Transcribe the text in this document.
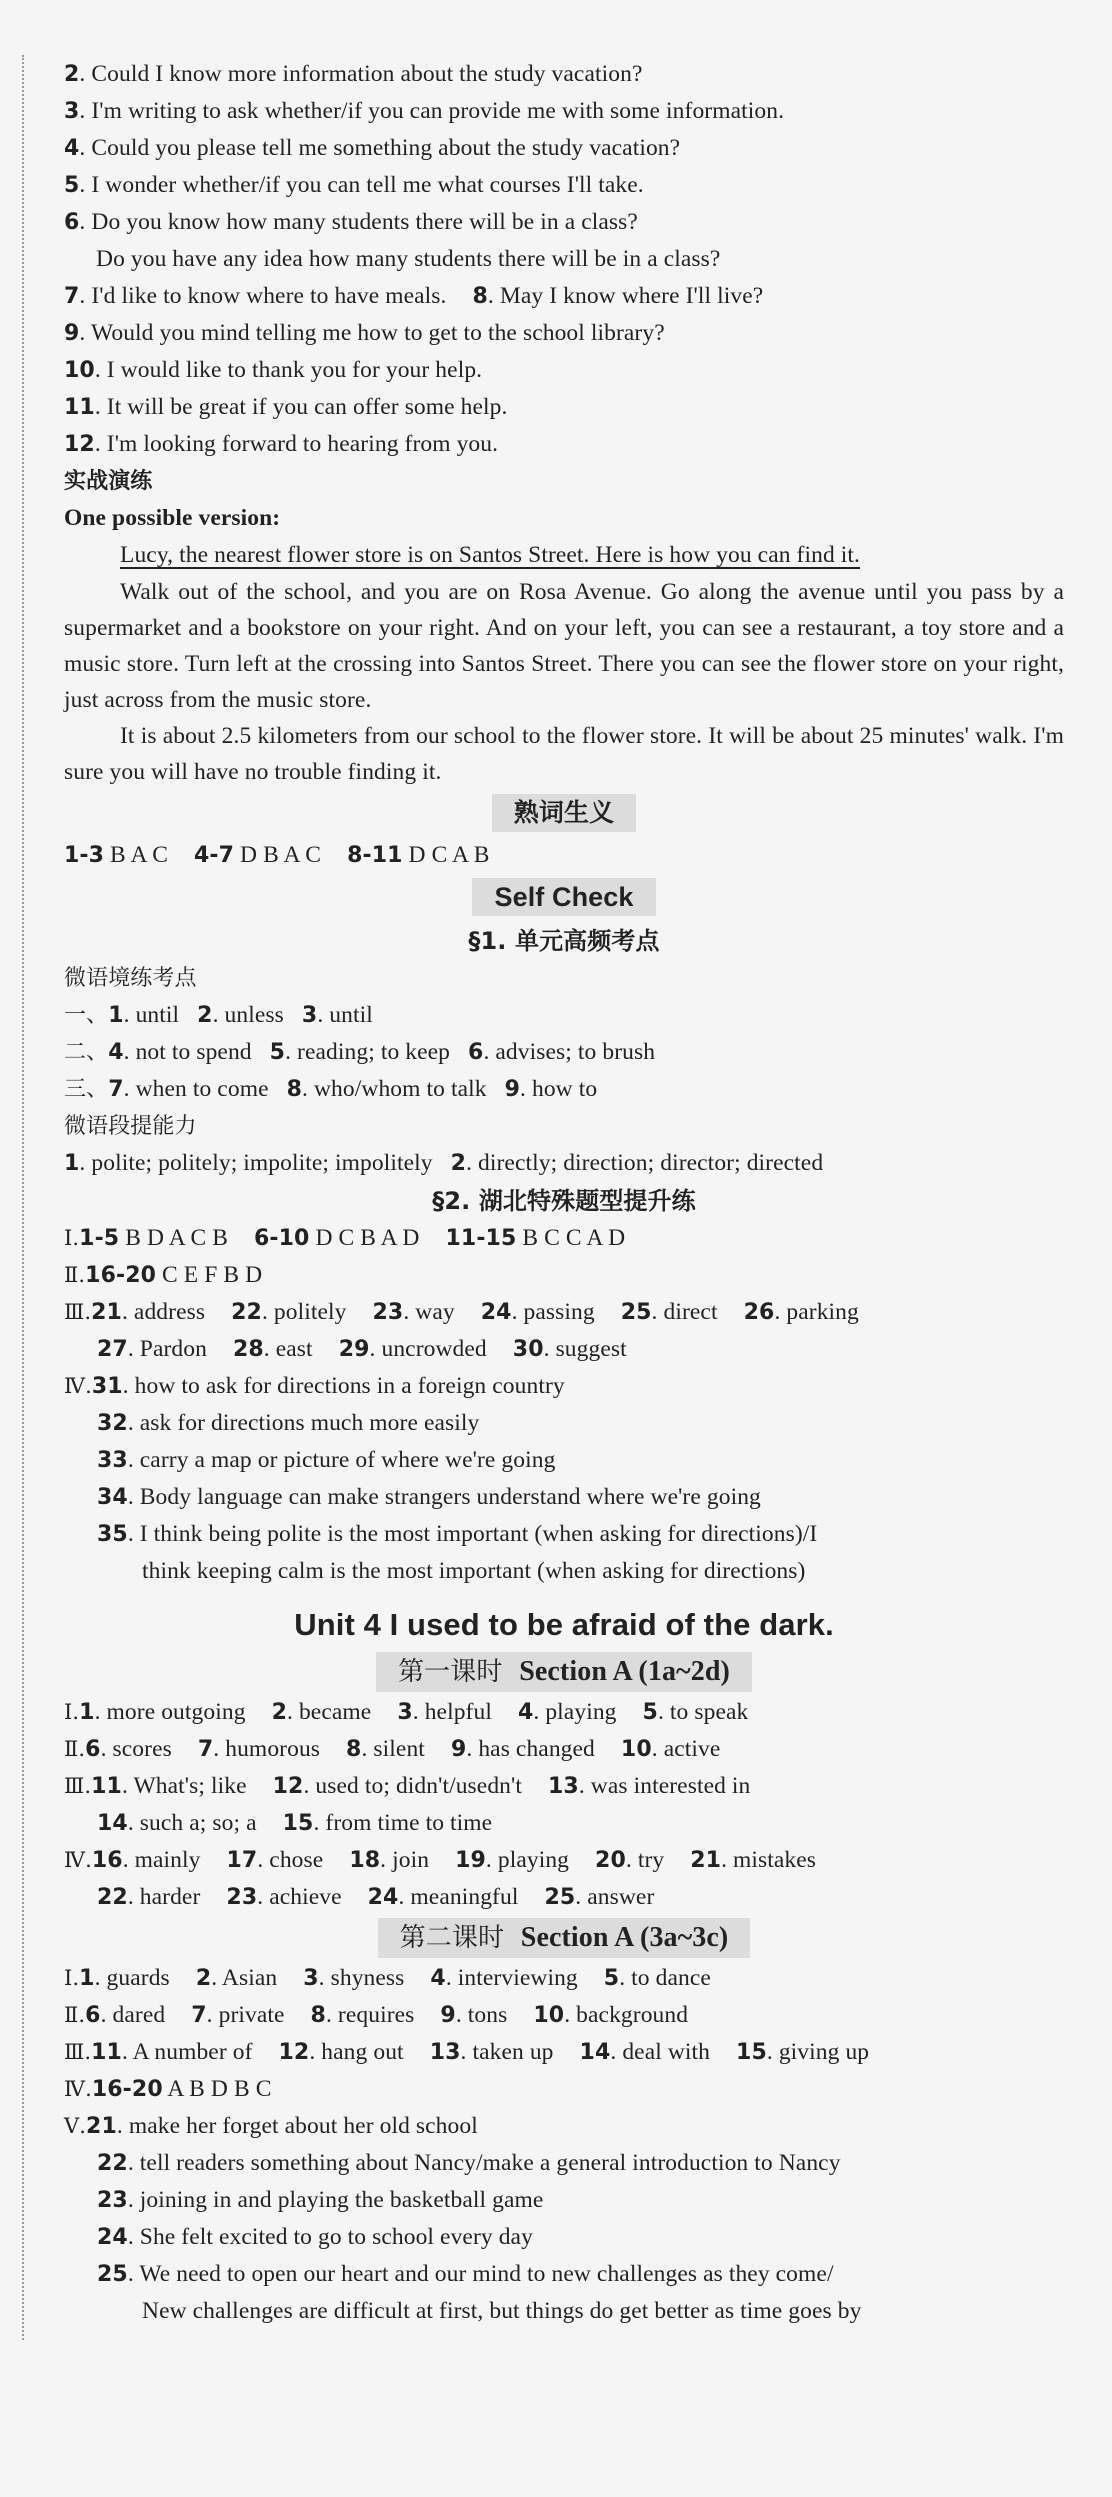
2. Could I know more information about the study vacation?
3. I'm writing to ask whether/if you can provide me with some information.
4. Could you please tell me something about the study vacation?
5. I wonder whether/if you can tell me what courses I'll take.
6. Do you know how many students there will be in a class?
Do you have any idea how many students there will be in a class?
7. I'd like to know where to have meals. 8. May I know where I'll live?
9. Would you mind telling me how to get to the school library?
10. I would like to thank you for your help.
11. It will be great if you can offer some help.
12. I'm looking forward to hearing from you.
实战演练
One possible version:
Lucy, the nearest flower store is on Santos Street. Here is how you can find it.
Walk out of the school, and you are on Rosa Avenue. Go along the avenue until you pass by a supermarket and a bookstore on your right. And on your left, you can see a restaurant, a toy store and a music store. Turn left at the crossing into Santos Street. There you can see the flower store on your right, just across from the music store.
It is about 2.5 kilometers from our school to the flower store. It will be about 25 minutes' walk. I'm sure you will have no trouble finding it.
熟词生义
1-3 B A C 4-7 D B A C 8-11 D C A B
Self Check
§1. 单元高频考点
微语境练考点
一、1. until 2. unless 3. until
二、4. not to spend 5. reading; to keep 6. advises; to brush
三、7. when to come 8. who/whom to talk 9. how to
微语段提能力
1. polite; politely; impolite; impolitely 2. directly; direction; director; directed
§2. 湖北特殊题型提升练
Ⅰ.1-5 B D A C B 6-10 D C B A D 11-15 B C C A D
Ⅱ.16-20 C E F B D
Ⅲ.21. address 22. politely 23. way 24. passing 25. direct 26. parking
27. Pardon 28. east 29. uncrowded 30. suggest
Ⅳ.31. how to ask for directions in a foreign country
32. ask for directions much more easily
33. carry a map or picture of where we're going
34. Body language can make strangers understand where we're going
35. I think being polite is the most important (when asking for directions)/I
think keeping calm is the most important (when asking for directions)
Unit 4 I used to be afraid of the dark.
第一课时 Section A (1a~2d)
Ⅰ.1. more outgoing 2. became 3. helpful 4. playing 5. to speak
Ⅱ.6. scores 7. humorous 8. silent 9. has changed 10. active
Ⅲ.11. What's; like 12. used to; didn't/usedn't 13. was interested in
14. such a; so; a 15. from time to time
Ⅳ.16. mainly 17. chose 18. join 19. playing 20. try 21. mistakes
22. harder 23. achieve 24. meaningful 25. answer
第二课时 Section A (3a~3c)
Ⅰ.1. guards 2. Asian 3. shyness 4. interviewing 5. to dance
Ⅱ.6. dared 7. private 8. requires 9. tons 10. background
Ⅲ.11. A number of 12. hang out 13. taken up 14. deal with 15. giving up
Ⅳ.16-20 A B D B C
Ⅴ.21. make her forget about her old school
22. tell readers something about Nancy/make a general introduction to Nancy
23. joining in and playing the basketball game
24. She felt excited to go to school every day
25. We need to open our heart and our mind to new challenges as they come/
New challenges are difficult at first, but things do get better as time goes by
